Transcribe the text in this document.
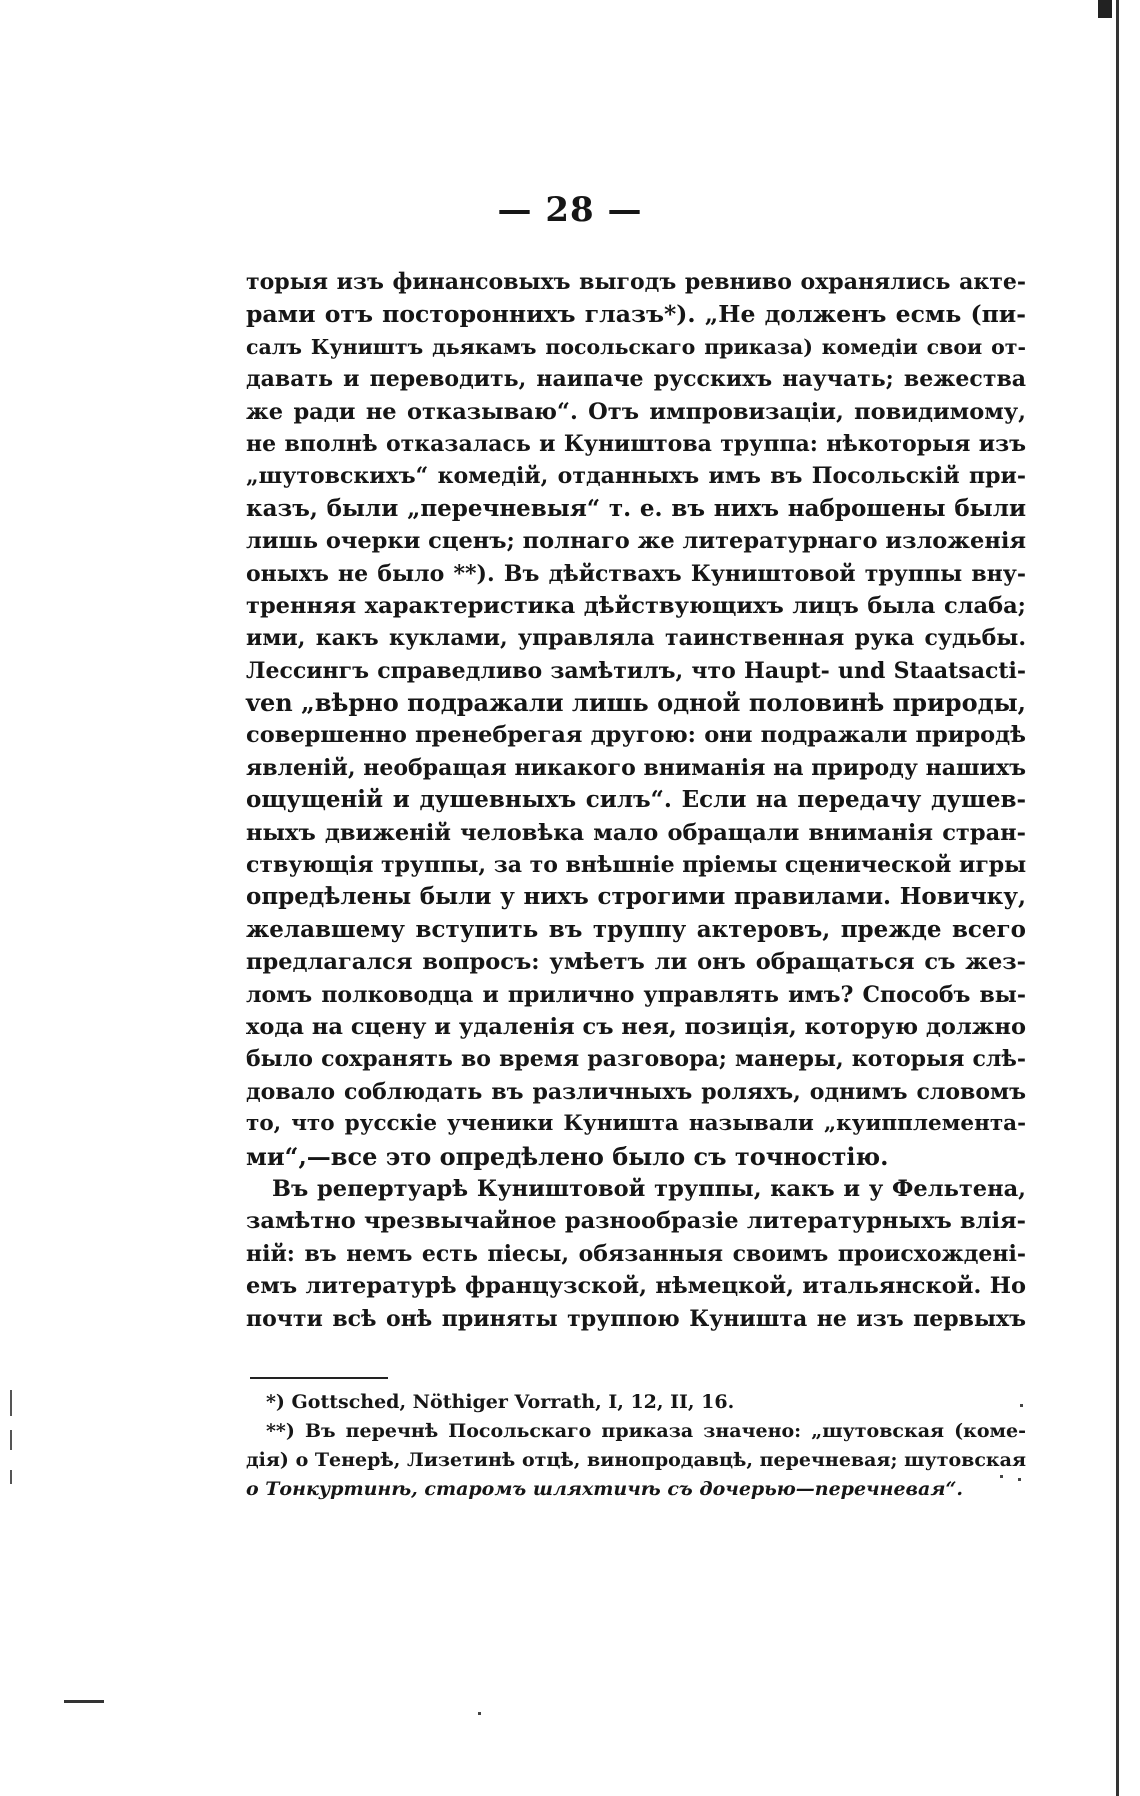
— 28 —
торыя изъ финансовыхъ выгодъ ревниво охранялись акте-
рами отъ постороннихъ глазъ*). „Не долженъ есмь (пи-
салъ Куништъ дьякамъ посольскаго приказа) комедiи свои от-
давать и переводить, наипаче русскихъ научать; вежества
же ради не отказываю“. Отъ импровизацiи, повидимому,
не вполнѣ отказалась и Куништова труппа: нѣкоторыя изъ
„шутовскихъ“ комедiй, отданныхъ имъ въ Посольскiй при-
казъ, были „перечневыя“ т. е. въ нихъ наброшены были
лишь очерки сценъ; полнаго же литературнаго изложенiя
оныхъ не было **). Въ дѣйствахъ Куништовой труппы вну-
тренняя характеристика дѣйствующихъ лицъ была слаба;
ими, какъ куклами, управляла таинственная рука судьбы.
Лессингъ справедливо замѣтилъ, что Haupt- und Staatsacti-
ven „вѣрно подражали лишь одной половинѣ природы,
совершенно пренебрегая другою: они подражали природѣ
явленiй, необращая никакого вниманiя на природу нашихъ
ощущенiй и душевныхъ силъ“. Если на передачу душев-
ныхъ движенiй человѣка мало обращали вниманiя стран-
ствующiя труппы, за то внѣшнiе прiемы сценической игры
опредѣлены были у нихъ строгими правилами. Новичку,
желавшему вступить въ труппу актеровъ, прежде всего
предлагался вопросъ: умѣетъ ли онъ обращаться съ жез-
ломъ полководца и прилично управлять имъ? Способъ вы-
хода на сцену и удаленiя съ нея, позицiя, которую должно
было сохранять во время разговора; манеры, которыя слѣ-
довало соблюдать въ различныхъ роляхъ, однимъ словомъ
то, что русскiе ученики Куништа называли „куипплемента-
ми“,—все это опредѣлено было съ точностiю.
Въ репертуарѣ Куништовой труппы, какъ и у Фельтена,
замѣтно чрезвычайное разнообразiе литературныхъ влiя-
нiй: въ немъ есть пiесы, обязанныя своимъ происхожденi-
емъ литературѣ французской, нѣмецкой, итальянской. Но
почти всѣ онѣ приняты труппою Куништа не изъ первыхъ
*) Gottsched, Nöthiger Vorrath, I, 12, II, 16.
**) Въ перечнѣ Посольскаго приказа значено: „шутовская (коме-
дiя) о Тенерѣ, Лизетинѣ отцѣ, винопродавцѣ, перечневая; шутовская
о Тонкуртинѣ, старомъ шляхтичѣ съ дочерью—перечневая“.
